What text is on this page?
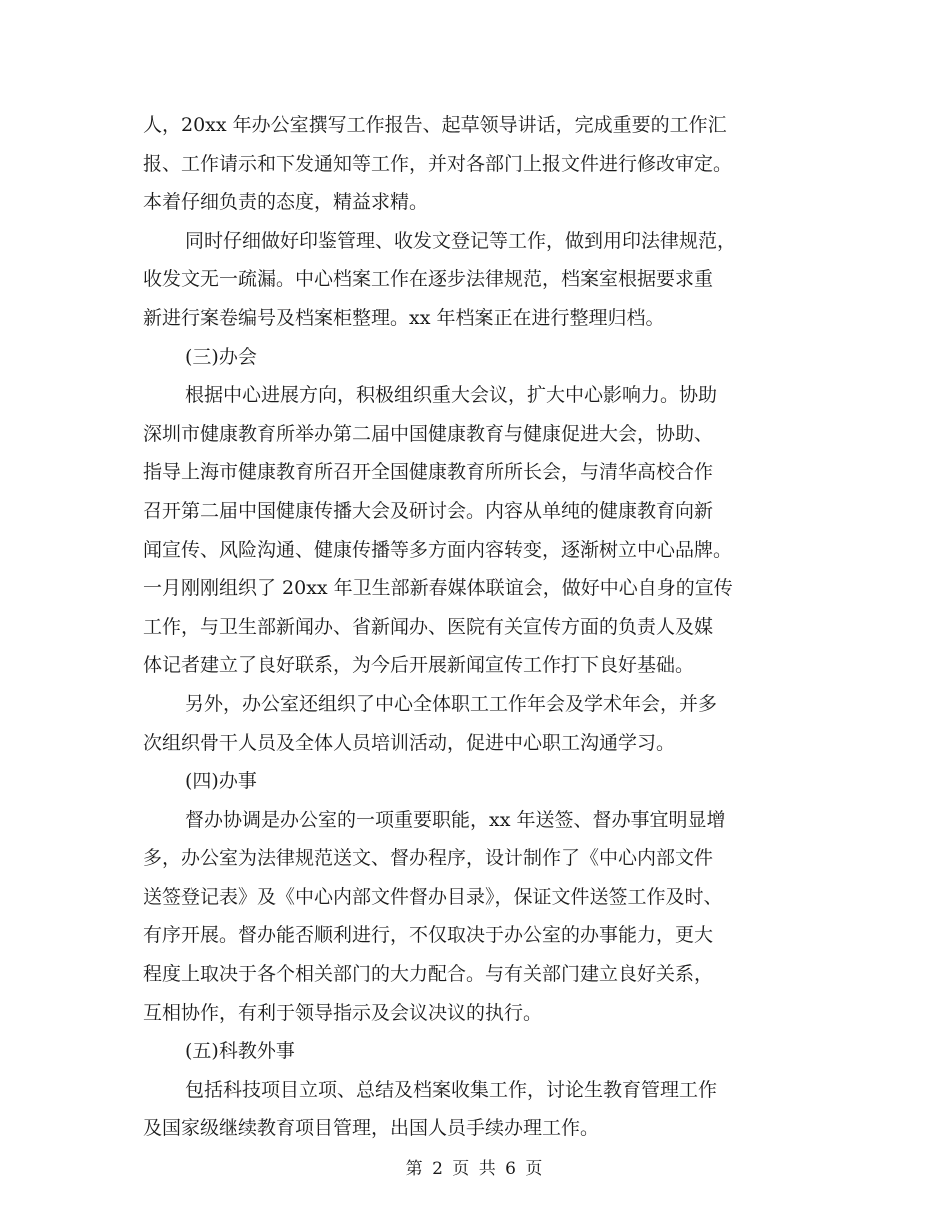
人，20xx 年办公室撰写工作报告、起草领导讲话，完成重要的工作汇
报、工作请示和下发通知等工作，并对各部门上报文件进行修改审定。
本着仔细负责的态度，精益求精。
同时仔细做好印鉴管理、收发文登记等工作，做到用印法律规范，
收发文无一疏漏。中心档案工作在逐步法律规范，档案室根据要求重
新进行案卷编号及档案柜整理。xx 年档案正在进行整理归档。

(三)办会

根据中心进展方向，积极组织重大会议，扩大中心影响力。协助
深圳市健康教育所举办第二届中国健康教育与健康促进大会，协助、
指导上海市健康教育所召开全国健康教育所所长会，与清华高校合作
召开第二届中国健康传播大会及研讨会。内容从单纯的健康教育向新
闻宣传、风险沟通、健康传播等多方面内容转变，逐渐树立中心品牌。
一月刚刚组织了 20xx 年卫生部新春媒体联谊会，做好中心自身的宣传
工作，与卫生部新闻办、省新闻办、医院有关宣传方面的负责人及媒
体记者建立了良好联系，为今后开展新闻宣传工作打下良好基础。
另外，办公室还组织了中心全体职工工作年会及学术年会，并多
次组织骨干人员及全体人员培训活动，促进中心职工沟通学习。

(四)办事

督办协调是办公室的一项重要职能，xx 年送签、督办事宜明显增
多，办公室为法律规范送文、督办程序，设计制作了《中心内部文件
送签登记表》及《中心内部文件督办目录》，保证文件送签工作及时、
有序开展。督办能否顺利进行，不仅取决于办公室的办事能力，更大
程度上取决于各个相关部门的大力配合。与有关部门建立良好关系，
互相协作，有利于领导指示及会议决议的执行。

(五)科教外事

包括科技项目立项、总结及档案收集工作，讨论生教育管理工作
及国家级继续教育项目管理，出国人员手续办理工作。
第 2 页 共 6 页
